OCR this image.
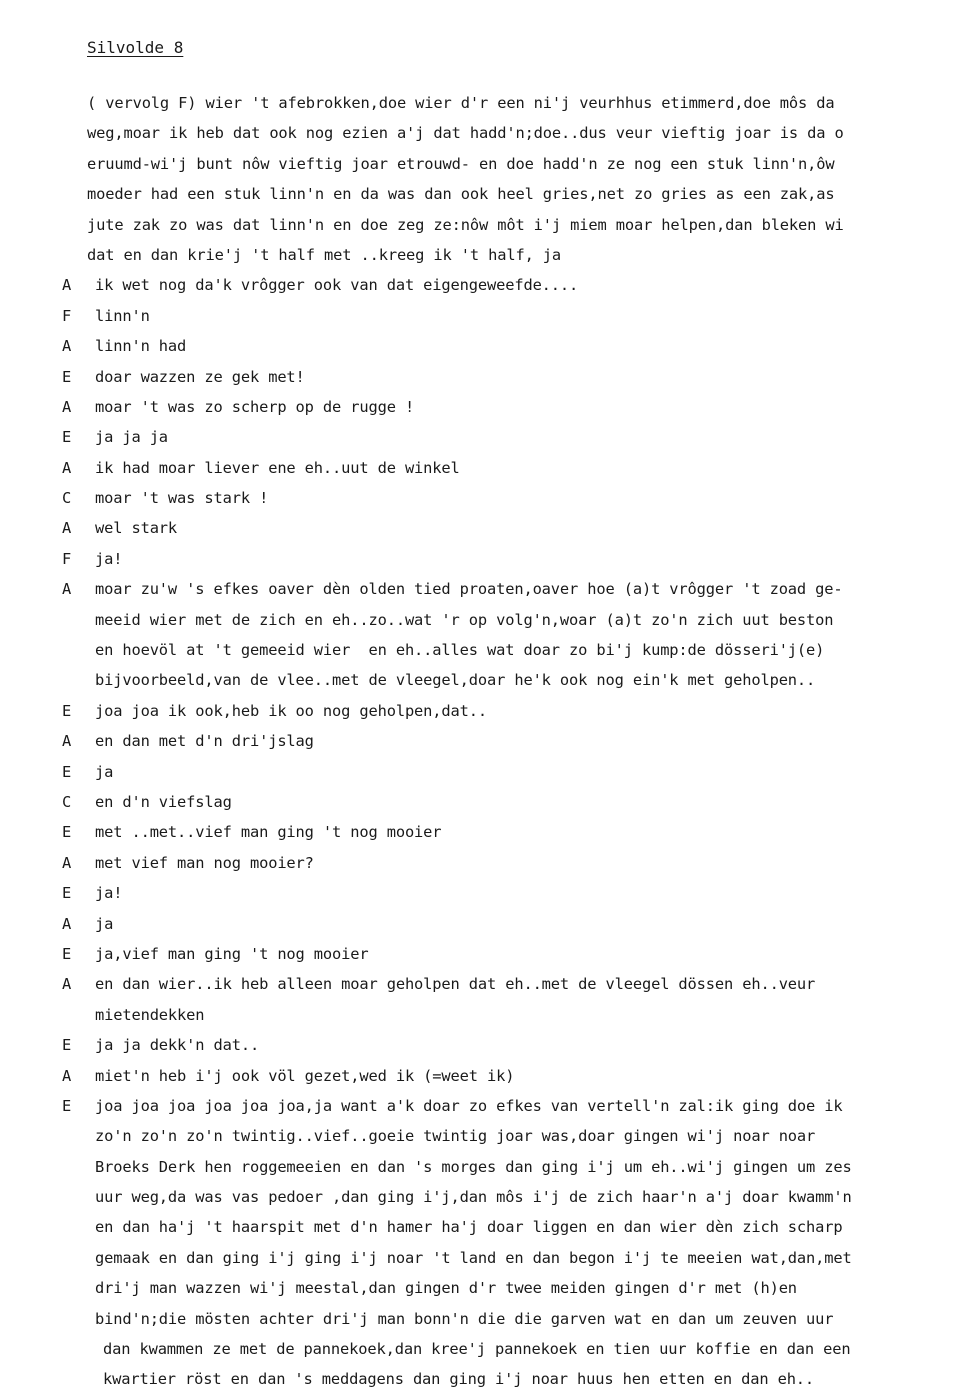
Silvolde 8
( vervolg F) wier 't afebrokken,doe wier d'r een ni'j veurhhus etimmerd,doe môs da
weg,moar ik heb dat ook nog ezien a'j dat hadd'n;doe..dus veur vieftig joar is da o
eruumd-wi'j bunt nôw vieftig joar etrouwd- en doe hadd'n ze nog een stuk linn'n,ôw
moeder had een stuk linn'n en da was dan ook heel gries,net zo gries as een zak,as
jute zak zo was dat linn'n en doe zeg ze:nôw môt i'j miem moar helpen,dan bleken wi
dat en dan krie'j 't half met ..kreeg ik 't half, ja
A	ik wet nog da'k vrôgger ook van dat eigengeweefde....
F	linn'n
A	linn'n had
E	doar wazzen ze gek met!
A	moar 't was zo scherp op de rugge !
E	ja ja ja
A	ik had moar liever ene eh..uut de winkel
C	moar 't was stark !
A	wel stark
F	ja!
A	moar zu'w 's efkes oaver dèn olden tied proaten,oaver hoe (a)t vrôgger 't zoad ge-
meeid wier met de zich en eh..zo..wat 'r op volg'n,woar (a)t zo'n zich uut beston
en hoevöl at 't gemeeid wier  en eh..alles wat doar zo bi'j kump:de dösseri'j(e)
bijvoorbeeld,van de vlee..met de vleegel,doar he'k ook nog ein'k met geholpen..
E	joa joa ik ook,heb ik oo nog geholpen,dat..
A	en dan met d'n dri'jslag
E	ja
C	en d'n viefslag
E	met ..met..vief man ging 't nog mooier
A	met vief man nog mooier?
E	ja!
A	ja
E	ja,vief man ging 't nog mooier
A	en dan wier..ik heb alleen moar geholpen dat eh..met de vleegel dössen eh..veur
mietendekken
E	ja ja dekk'n dat..
A	miet'n heb i'j ook völ gezet,wed ik (=weet ik)
E	joa joa joa joa joa joa,ja want a'k doar zo efkes van vertell'n zal:ik ging doe ik
zo'n zo'n zo'n twintig..vief..goeie twintig joar was,doar gingen wi'j noar noar
Broeks Derk hen roggemeeien en dan 's morges dan ging i'j um eh..wi'j gingen um zes
uur weg,da was vas pedoer ,dan ging i'j,dan môs i'j de zich haar'n a'j doar kwamm'n
en dan ha'j 't haarspit met d'n hamer ha'j doar liggen en dan wier dèn zich scharp
gemaak en dan ging i'j ging i'j noar 't land en dan begon i'j te meeien wat,dan,met
dri'j man wazzen wi'j meestal,dan gingen d'r twee meiden gingen d'r met (h)en
bind'n;die mösten achter dri'j man bonn'n die die garven wat en dan um zeuven uur
dan kwammen ze met de pannekoek,dan kree'j pannekoek en tien uur koffie en dan een
kwartier röst en dan 's meddagens dan ging i'j noar huus hen etten en dan eh..
